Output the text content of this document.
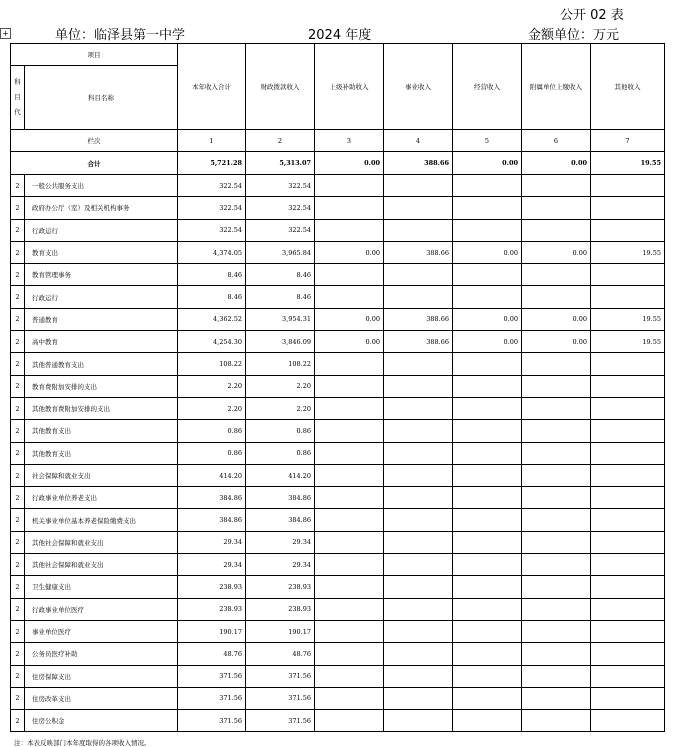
公开 02 表
+	单位：临泽县第一中学	2024 年度	金额单位：万元
项目		本年收入合计	财政拨款收入	上级补助收入	事业收入	经营收入	附属单位上缴收入	其他收入
科
目
代	科目名称							
栏次		1	2	3	4	5	6	7
合计		5,721.28	5,313.07	0.00	388.66	0.00	0.00	19.55
2	一般公共服务支出	322.54	322.54					
2	政府办公厅（室）及相关机构事务	322.54	322.54					
2	行政运行	322.54	322.54					
2	教育支出	4,374.05	3,965.84	0.00	388.66	0.00	0.00	19.55
2	教育管理事务	8.46	8.46					
2	行政运行	8.46	8.46					
2	普通教育	4,362.52	3,954.31	0.00	388.66	0.00	0.00	19.55
2	高中教育	4,254.30	3,846.09	0.00	388.66	0.00	0.00	19.55
2	其他普通教育支出	108.22	108.22					
2	教育费附加安排的支出	2.20	2.20					
2	其他教育费附加安排的支出	2.20	2.20					
2	其他教育支出	0.86	0.86					
2	其他教育支出	0.86	0.86					
2	社会保障和就业支出	414.20	414.20					
2	行政事业单位养老支出	384.86	384.86					
2	机关事业单位基本养老保险缴费支出	384.86	384.86					
2	其他社会保障和就业支出	29.34	29.34					
2	其他社会保障和就业支出	29.34	29.34					
2	卫生健康支出	238.93	238.93					
2	行政事业单位医疗	238.93	238.93					
2	事业单位医疗	190.17	190.17					
2	公务员医疗补助	48.76	48.76					
2	住房保障支出	371.56	371.56					
2	住房改革支出	371.56	371.56					
2	住房公积金	371.56	371.56					
注：本表反映部门本年度取得的各项收入情况。
